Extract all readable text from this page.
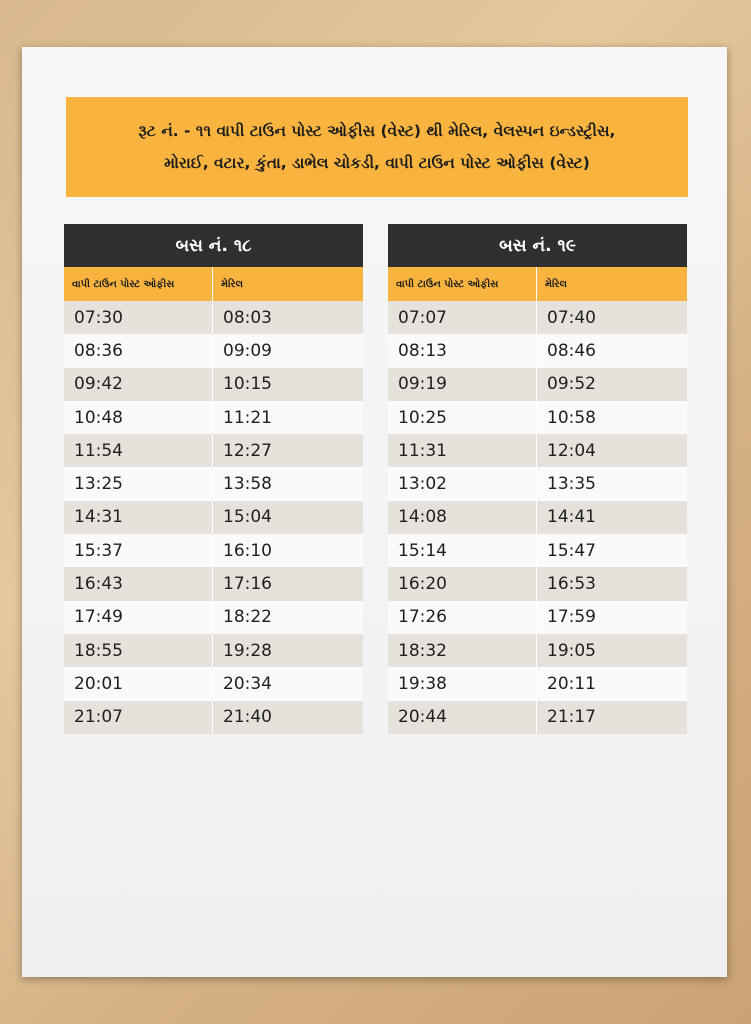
રૂટ નં. - ૧૧ વાપી ટાઉન પોસ્ટ ઓફીસ (વેસ્ટ) થી મેરિલ, વેલસ્પન ઇન્ડસ્ટ્રીસ,
મોરાઈ, વટાર, કુંતા, ડાભેલ ચોકડી, વાપી ટાઉન પોસ્ટ ઓફીસ (વેસ્ટ)
બસ નં. ૧૮
વાપી ટાઉન પોસ્ટ ઓફીસ	મેરિલ
07:30	08:03
08:36	09:09
09:42	10:15
10:48	11:21
11:54	12:27
13:25	13:58
14:31	15:04
15:37	16:10
16:43	17:16
17:49	18:22
18:55	19:28
20:01	20:34
21:07	21:40
બસ નં. ૧૯
વાપી ટાઉન પોસ્ટ ઓફીસ	મેરિલ
07:07	07:40
08:13	08:46
09:19	09:52
10:25	10:58
11:31	12:04
13:02	13:35
14:08	14:41
15:14	15:47
16:20	16:53
17:26	17:59
18:32	19:05
19:38	20:11
20:44	21:17
